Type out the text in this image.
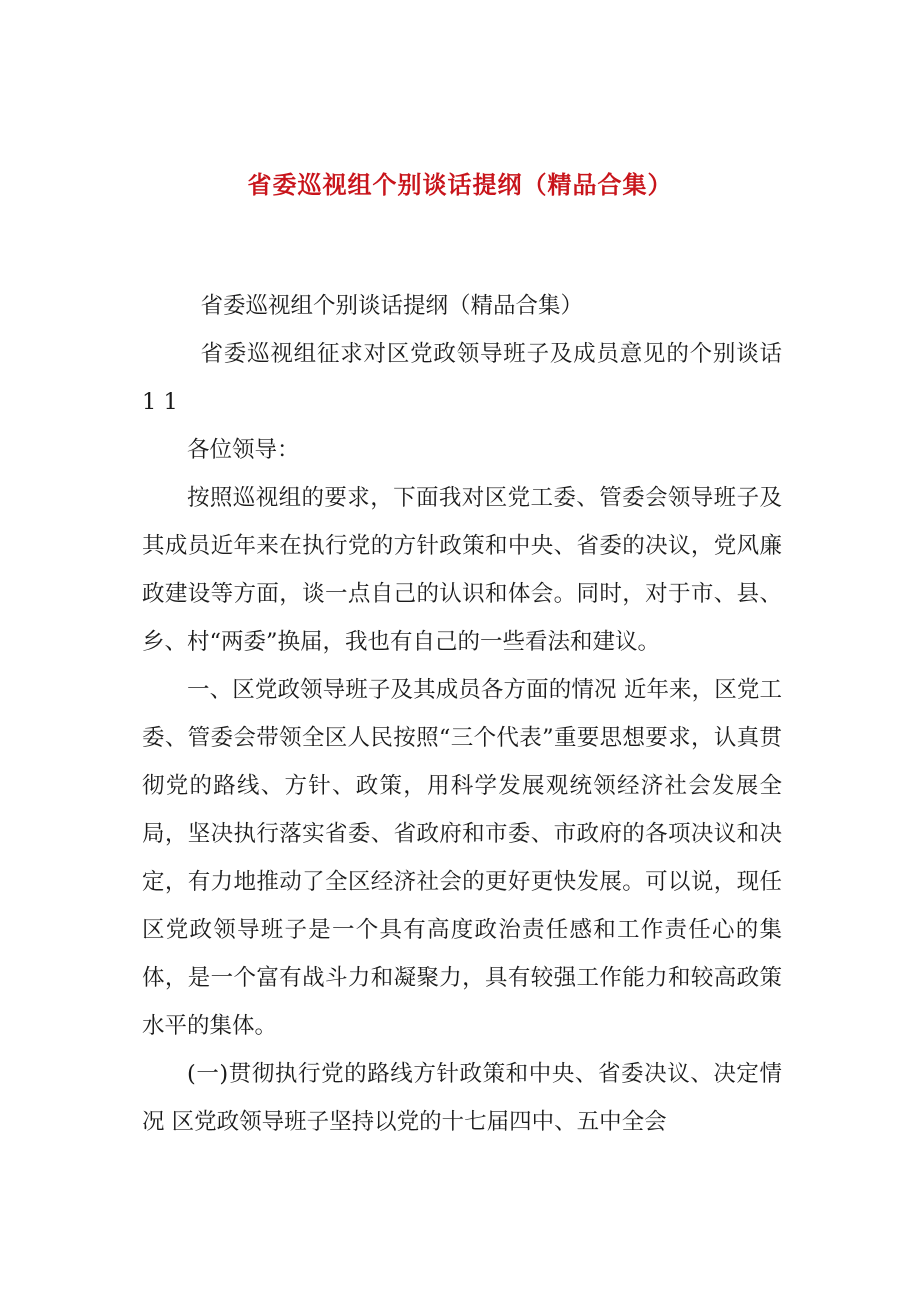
省委巡视组个别谈话提纲（精品合集）

省委巡视组个别谈话提纲（精品合集）

省委巡视组征求对区党政领导班子及成员意见的个别谈话 1 1

各位领导：

按照巡视组的要求，下面我对区党工委、管委会领导班子及其成员近年来在执行党的方针政策和中央、省委的决议，党风廉政建设等方面，谈一点自己的认识和体会。同时，对于市、县、乡、村“两委”换届，我也有自己的一些看法和建议。

一、区党政领导班子及其成员各方面的情况 近年来，区党工委、管委会带领全区人民按照“三个代表”重要思想要求，认真贯彻党的路线、方针、政策，用科学发展观统领经济社会发展全局，坚决执行落实省委、省政府和市委、市政府的各项决议和决定，有力地推动了全区经济社会的更好更快发展。可以说，现任区党政领导班子是一个具有高度政治责任感和工作责任心的集体，是一个富有战斗力和凝聚力，具有较强工作能力和较高政策水平的集体。

(一)贯彻执行党的路线方针政策和中央、省委决议、决定情况 区党政领导班子坚持以党的十七届四中、五中全会
